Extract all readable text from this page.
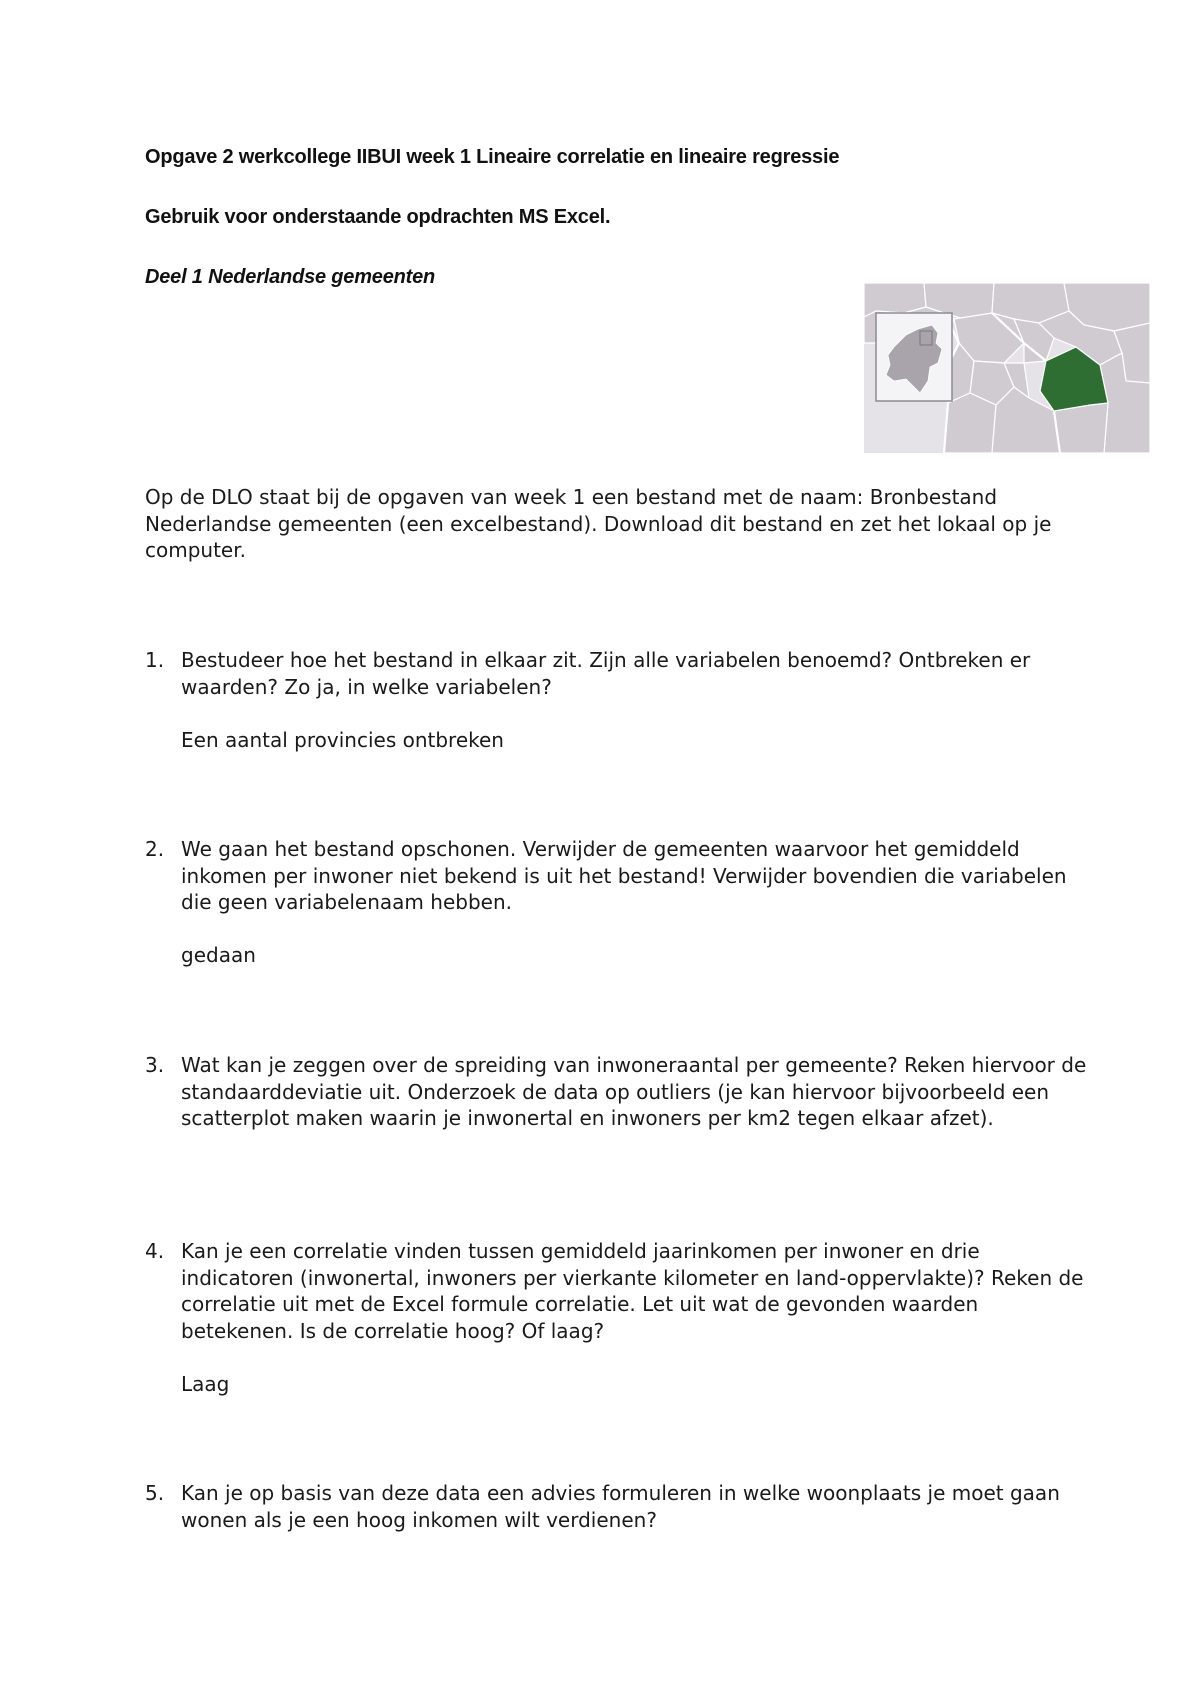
Opgave 2 werkcollege IIBUI week 1 Lineaire correlatie en lineaire regressie

Gebruik voor onderstaande opdrachten MS Excel.

Deel 1 Nederlandse gemeenten

Op de DLO staat bij de opgaven van week 1 een bestand met de naam: Bronbestand Nederlandse gemeenten (een excelbestand). Download dit bestand en zet het lokaal op je computer.

1. Bestudeer hoe het bestand in elkaar zit. Zijn alle variabelen benoemd? Ontbreken er waarden? Zo ja, in welke variabelen?
Een aantal provincies ontbreken
2. We gaan het bestand opschonen. Verwijder de gemeenten waarvoor het gemiddeld inkomen per inwoner niet bekend is uit het bestand! Verwijder bovendien die variabelen die geen variabelenaam hebben.
gedaan
3. Wat kan je zeggen over de spreiding van inwoneraantal per gemeente? Reken hiervoor de standaarddeviatie uit. Onderzoek de data op outliers (je kan hiervoor bijvoorbeeld een scatterplot maken waarin je inwonertal en inwoners per km2 tegen elkaar afzet).
4. Kan je een correlatie vinden tussen gemiddeld jaarinkomen per inwoner en drie indicatoren (inwonertal, inwoners per vierkante kilometer en land-oppervlakte)? Reken de correlatie uit met de Excel formule correlatie. Let uit wat de gevonden waarden betekenen. Is de correlatie hoog? Of laag?
Laag
5. Kan je op basis van deze data een advies formuleren in welke woonplaats je moet gaan wonen als je een hoog inkomen wilt verdienen?
